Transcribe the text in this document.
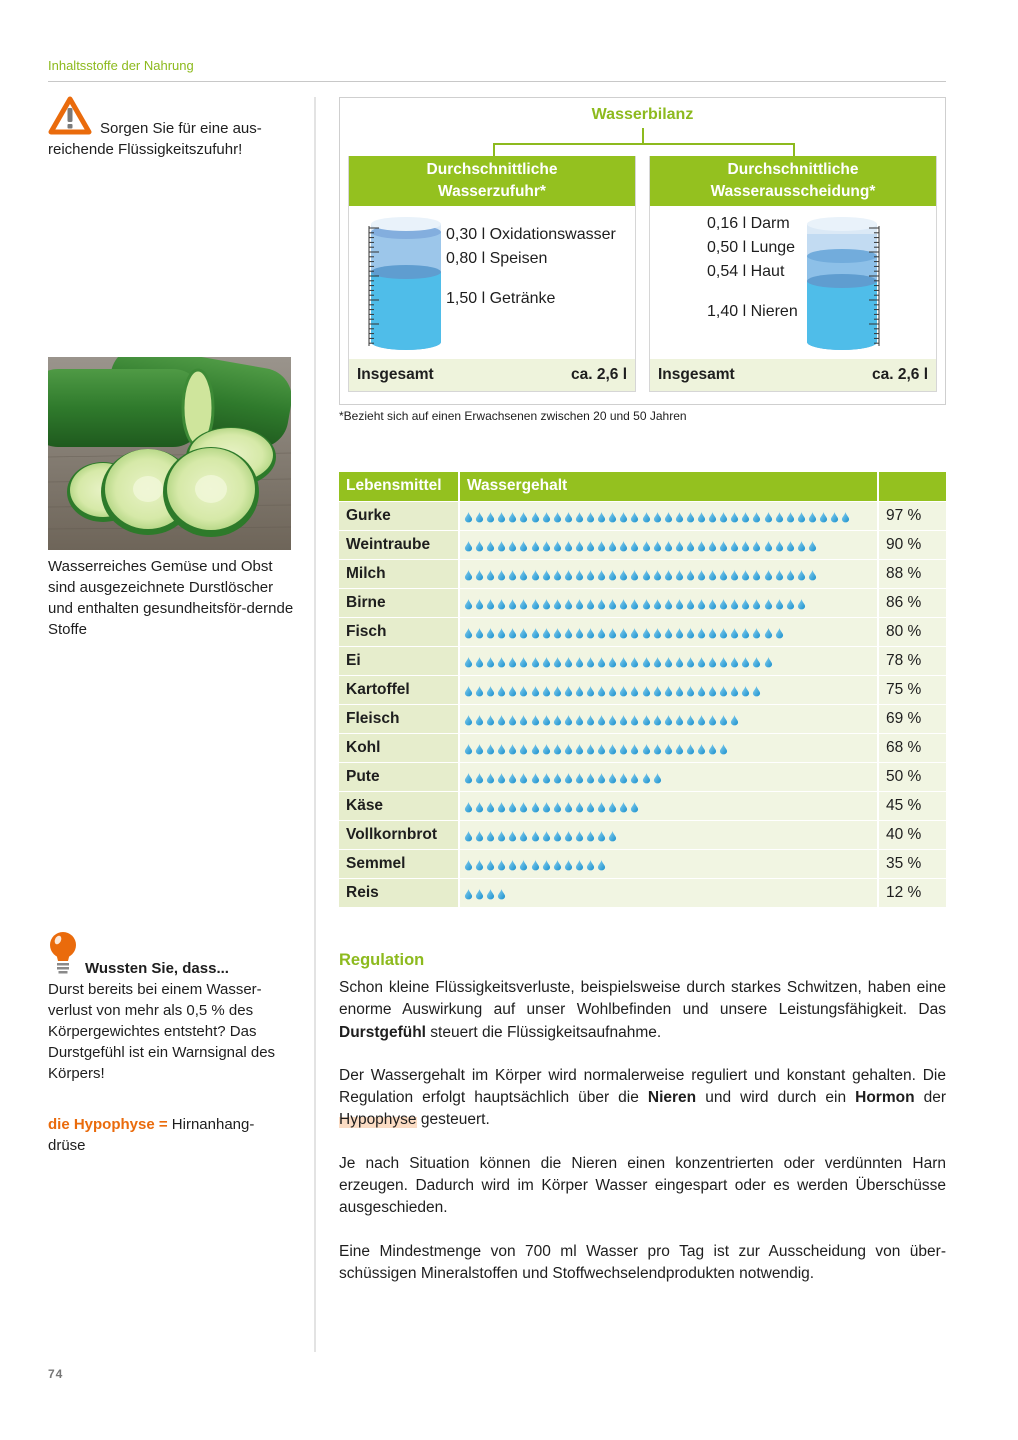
Inhaltsstoffe der Nahrung
Sorgen Sie für eine aus-reichende Flüssigkeitszufuhr!
Wasserreiches Gemüse und Obst sind ausgezeichnete Durstlöscher und enthalten gesundheitsför-dernde Stoffe
Wussten Sie, dass...
Durst bereits bei einem Wasser-verlust von mehr als 0,5 % des Körpergewichtes entsteht? Das Durstgefühl ist ein Warnsignal des Körpers!
die Hypophyse = Hirnanhang-drüse
Wasserbilanz
Durchschnittliche
Wasserzufuhr*
0,30 l Oxidationswasser
0,80 l Speisen
1,50 l Getränke
Insgesamt	ca. 2,6 l
Durchschnittliche
Wasserausscheidung*
0,16 l Darm
0,50 l Lunge
0,54 l Haut
1,40 l Nieren
Insgesamt	ca. 2,6 l
*Bezieht sich auf einen Erwachsenen zwischen 20 und 50 Jahren
Lebensmittel	Wassergehalt	
Gurke		97 %
Weintraube		90 %
Milch		88 %
Birne		86 %
Fisch		80 %
Ei		78 %
Kartoffel		75 %
Fleisch		69 %
Kohl		68 %
Pute		50 %
Käse		45 %
Vollkornbrot		40 %
Semmel		35 %
Reis		12 %
Regulation

Schon kleine Flüssigkeitsverluste, beispielsweise durch starkes Schwitzen, haben eine enorme Auswirkung auf unser Wohlbefinden und unsere Leistungsfähigkeit. Das Durstgefühl steuert die Flüssigkeitsaufnahme.

Der Wassergehalt im Körper wird normalerweise reguliert und konstant gehalten. Die Regulation erfolgt hauptsächlich über die Nieren und wird durch ein Hormon der Hypophyse gesteuert.

Je nach Situation können die Nieren einen konzentrierten oder verdünnten Harn erzeugen. Dadurch wird im Körper Wasser eingespart oder es werden Überschüsse ausgeschieden.

Eine Mindestmenge von 700 ml Wasser pro Tag ist zur Ausscheidung von über-schüssigen Mineralstoffen und Stoffwechselendprodukten notwendig.

74
